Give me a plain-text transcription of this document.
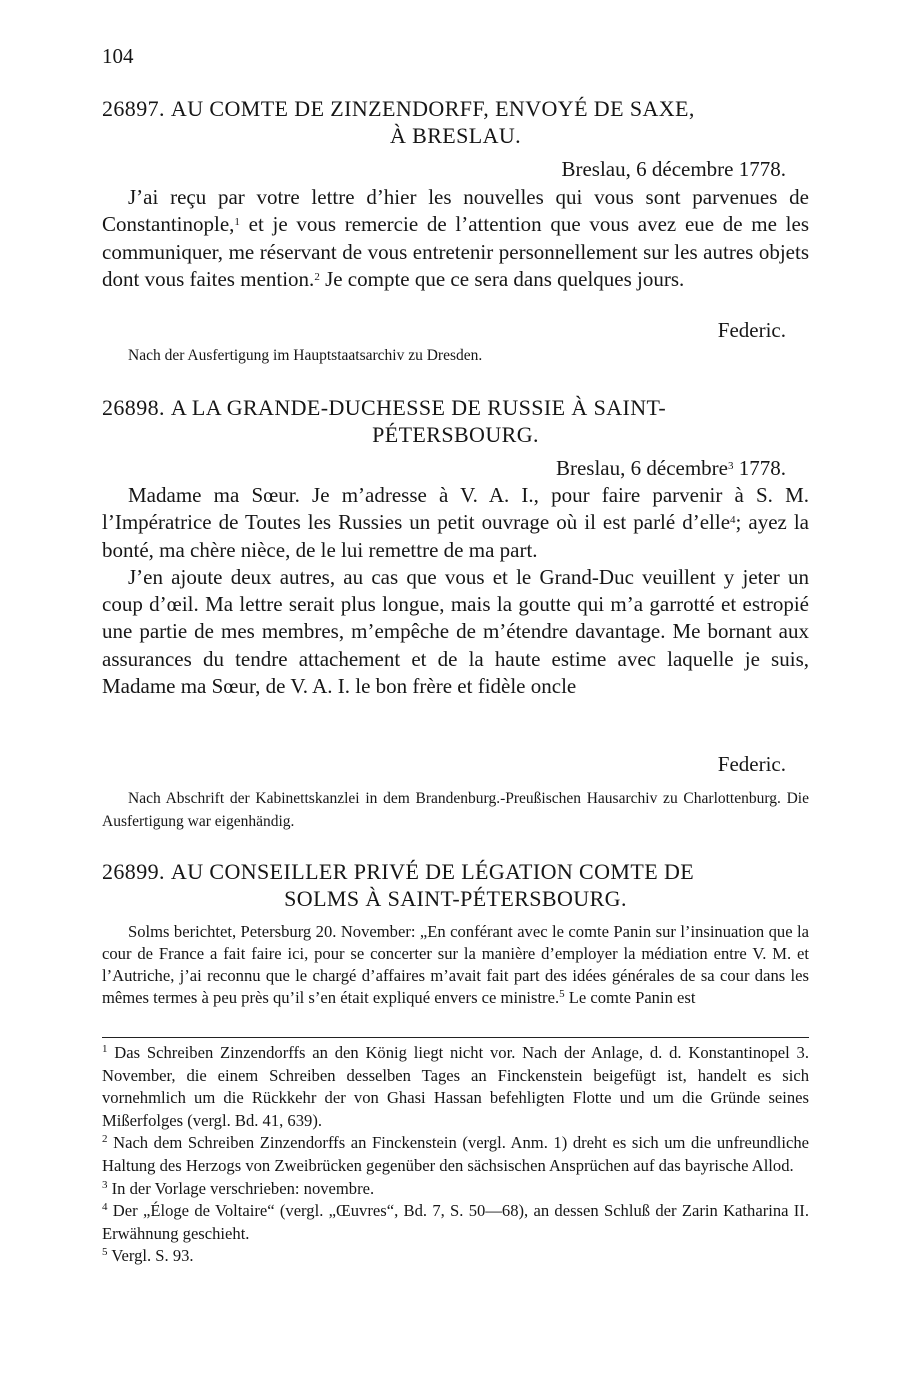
104
26897. AU COMTE DE ZINZENDORFF, ENVOYÉ DE SAXE,
À BRESLAU.
Breslau, 6 décembre 1778.

J’ai reçu par votre lettre d’hier les nouvelles qui vous sont parvenues de Constantinople,$^1$ et je vous remercie de l’attention que vous avez eue de me les communiquer, me réservant de vous entretenir personnellement sur les autres objets dont vous faites mention.$^2$ Je compte que ce sera dans quelques jours.

Federic.

Nach der Ausfertigung im Hauptstaatsarchiv zu Dresden.

26898. A LA GRANDE-DUCHESSE DE RUSSIE À SAINT-
PÉTERSBOURG.
Breslau, 6 décembre$^3$ 1778.

Madame ma Sœur. Je m’adresse à V. A. I., pour faire parvenir à S. M. l’Impératrice de Toutes les Russies un petit ouvrage où il est parlé d’elle$^4$; ayez la bonté, ma chère nièce, de le lui remettre de ma part.

J’en ajoute deux autres, au cas que vous et le Grand-Duc veuillent y jeter un coup d’œil. Ma lettre serait plus longue, mais la goutte qui m’a garrotté et estropié une partie de mes membres, m’empêche de m’étendre davantage. Me bornant aux assurances du tendre attachement et de la haute estime avec laquelle je suis, Madame ma Sœur, de V. A. I. le bon frère et fidèle oncle

Federic.

Nach Abschrift der Kabinettskanzlei in dem Brandenburg.-Preußischen Hausarchiv zu Charlottenburg. Die Ausfertigung war eigenhändig.

26899. AU CONSEILLER PRIVÉ DE LÉGATION COMTE DE
SOLMS À SAINT-PÉTERSBOURG.

Solms berichtet, Petersburg 20. November: „En conférant avec le comte Panin sur l’insinuation que la cour de France a fait faire ici, pour se concerter sur la manière d’employer la médiation entre V. M. et l’Autriche, j’ai reconnu que le chargé d’affaires m’avait fait part des idées générales de sa cour dans les mêmes termes à peu près qu’il s’en était expliqué envers ce ministre.$^5$ Le comte Panin est

$^1$ Das Schreiben Zinzendorffs an den König liegt nicht vor. Nach der Anlage, d. d. Konstantinopel 3. November, die einem Schreiben desselben Tages an Finckenstein beigefügt ist, handelt es sich vornehmlich um die Rückkehr der von Ghasi Hassan befehligten Flotte und um die Gründe seines Mißerfolges (vergl. Bd. 41, 639).

$^2$ Nach dem Schreiben Zinzendorffs an Finckenstein (vergl. Anm. 1) dreht es sich um die unfreundliche Haltung des Herzogs von Zweibrücken gegenüber den sächsischen Ansprüchen auf das bayrische Allod.

$^3$ In der Vorlage verschrieben: novembre.

$^4$ Der „Éloge de Voltaire“ (vergl. „Œuvres“, Bd. 7, S. 50—68), an dessen Schluß der Zarin Katharina II. Erwähnung geschieht.

$^5$ Vergl. S. 93.
